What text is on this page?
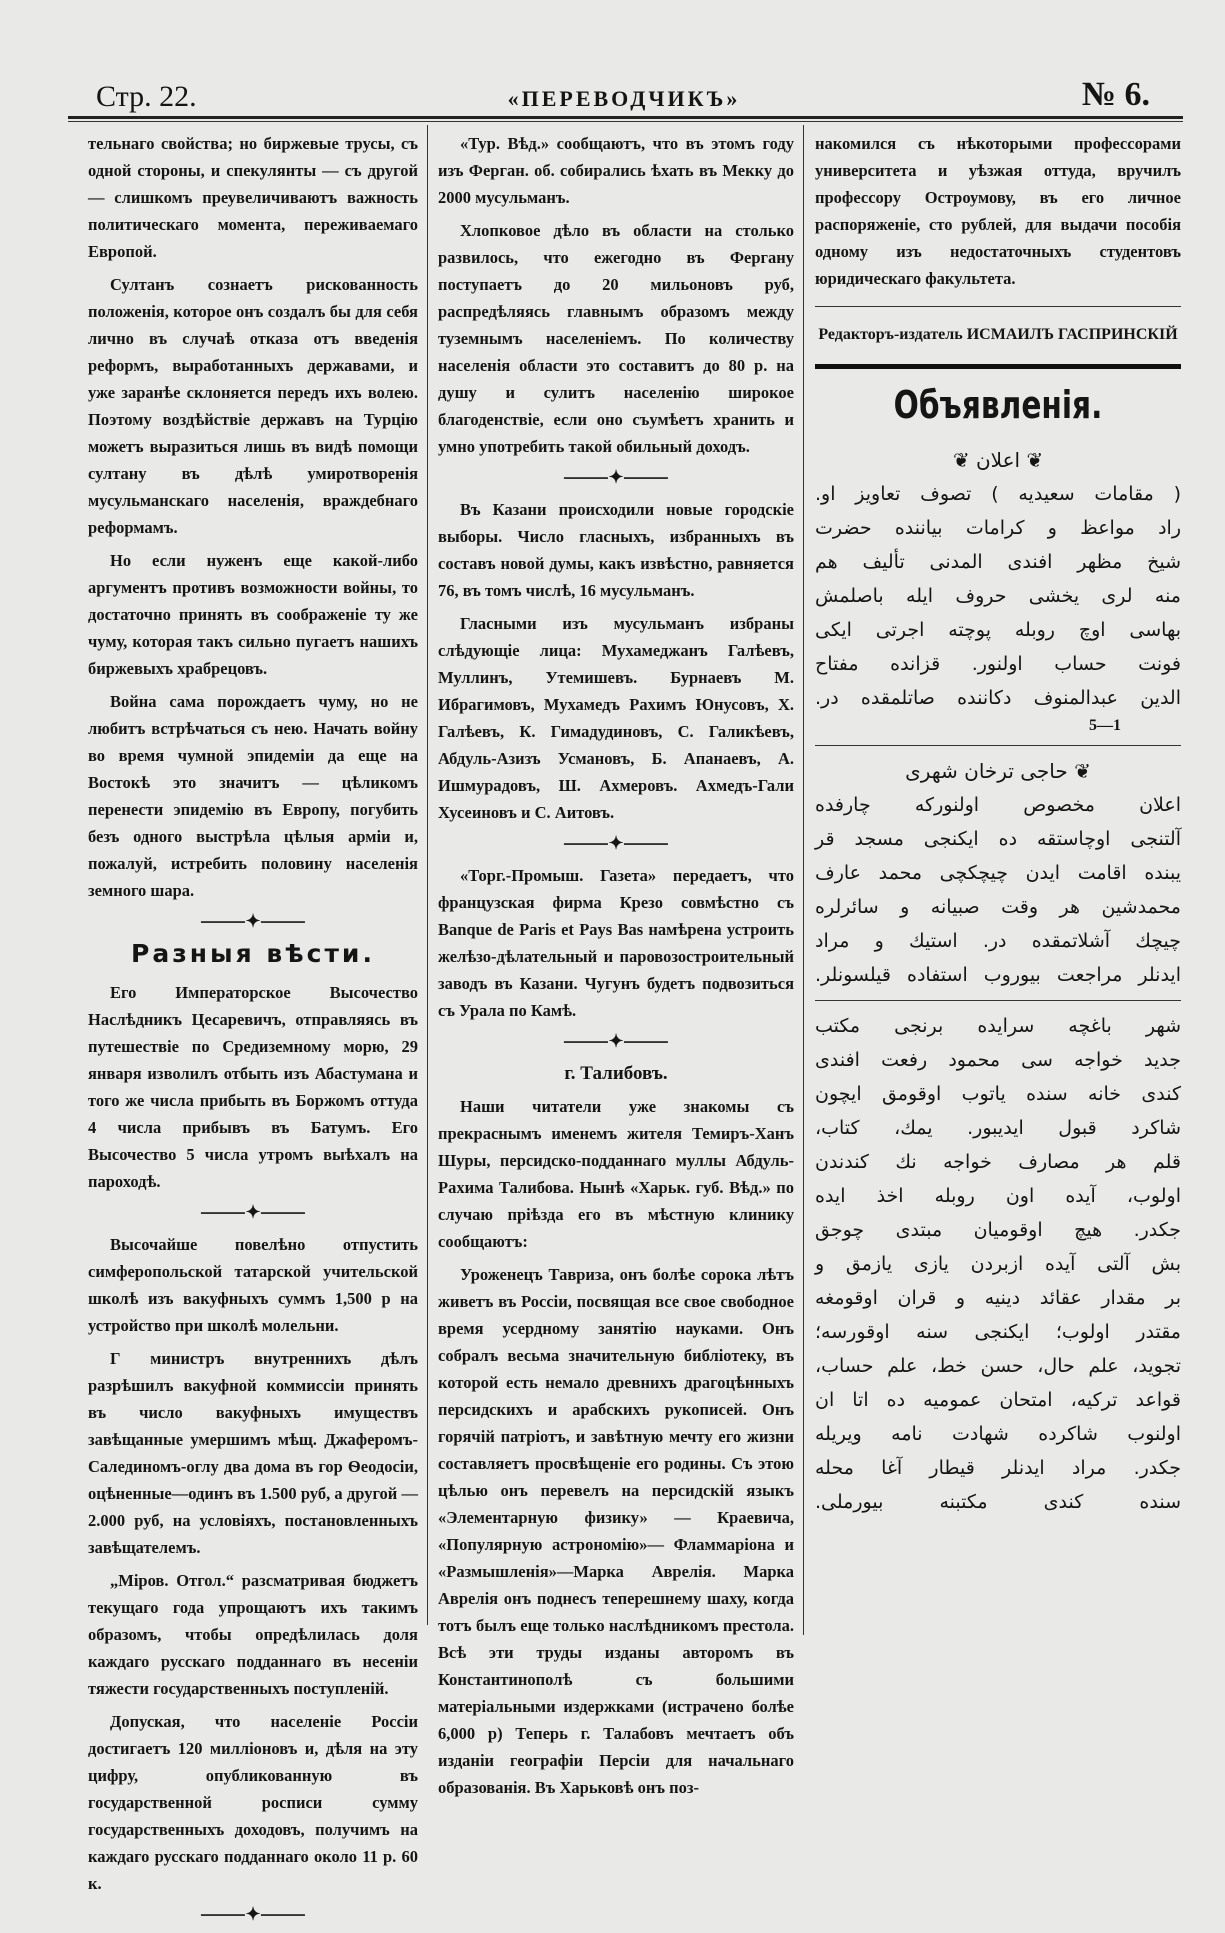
Стр. 22.	«ПЕРЕВОДЧИКЪ»	№ 6.

тельнаго свойства; но биржевые трусы, съ одной стороны, и спекулянты — съ другой — слишкомъ преувеличиваютъ важность политическаго момента, переживаемаго Европой.

Султанъ сознаетъ рискованность положенія, которое онъ создалъ бы для себя лично въ случаѣ отказа отъ введенія реформъ, выработанныхъ державами, и уже заранѣе склоняется передъ ихъ волею. Поэтому воздѣйствіе державъ на Турцію можетъ выразиться лишь въ видѣ помощи султану въ дѣлѣ умиротворенія мусульманскаго населенія, враждебнаго реформамъ.

Но если нуженъ еще какой-либо аргументъ противъ возможности войны, то достаточно принять въ соображеніе ту же чуму, которая такъ сильно пугаетъ нашихъ биржевыхъ храбрецовъ.

Война сама порождаетъ чуму, но не любитъ встрѣчаться съ нею. Начать войну во время чумной эпидеміи да еще на Востокѣ это значитъ — цѣликомъ перенести эпидемію въ Европу, погубить безъ одного выстрѣла цѣлыя арміи и, пожалуй, истребить половину населенія земного шара.

⸻✦⸻
Разныя вѣсти.

Его Императорское Высочество Наслѣдникъ Цесаревичъ, отправляясь въ путешествіе по Средиземному морю, 29 января изволилъ отбыть изъ Абастумана и того же числа прибыть въ Боржомъ оттуда 4 числа прибывъ въ Батумъ. Его Высочество 5 числа утромъ выѣхалъ на пароходѣ.

⸻✦⸻

Высочайше повелѣно отпустить симферопольской татарской учительской школѣ изъ вакуфныхъ суммъ 1,500 р на устройство при школѣ молельни.

Г министръ внутреннихъ дѣлъ разрѣшилъ вакуфной коммиссіи принять въ число вакуфныхъ имуществъ завѣщанные умершимъ мѣщ. Джаферомъ-Салединомъ-оглу два дома въ гор Ѳеодосіи, оцѣненные—одинъ въ 1.500 руб, а другой — 2.000 руб, на условіяхъ, постановленныхъ завѣщателемъ.

„Міров. Отгол.“ разсматривая бюджетъ текущаго года упрощаютъ ихъ такимъ образомъ, чтобы опредѣлилась доля каждаго русскаго подданнаго въ несеніи тяжести государственныхъ поступленій.

Допуская, что населеніе Россіи достигаетъ 120 милліоновъ и, дѣля на эту цифру, опубликованную въ государственной росписи сумму государственныхъ доходовъ, получимъ на каждаго русскаго подданнаго около 11 р. 60 к.

⸻✦⸻

«Тур. Вѣд.» сообщаютъ, что въ этомъ году изъ Ферган. об. собирались ѣхать въ Мекку до 2000 мусульманъ.

Хлопковое дѣло въ области на столько развилось, что ежегодно въ Фергану поступаетъ до 20 мильоновъ руб, распредѣляясь главнымъ образомъ между туземнымъ населеніемъ. По количеству населенія области это составитъ до 80 р. на душу и сулитъ населенію широкое благоденствіе, если оно съумѣетъ хранить и умно употребить такой обильный доходъ.

⸻✦⸻

Въ Казани происходили новые городскіе выборы. Число гласныхъ, избранныхъ въ составъ новой думы, какъ извѣстно, равняется 76, въ томъ числѣ, 16 мусульманъ.

Гласными изъ мусульманъ избраны слѣдующіе лица: Мухамеджанъ Галѣевъ, Муллинъ, Утемишевъ. Бурнаевъ М. Ибрагимовъ, Мухамедъ Рахимъ Юнусовъ, Х. Галѣевъ, К. Гимадудиновъ, С. Галикѣевъ, Абдуль-Азизъ Усмановъ, Б. Апанаевъ, А. Ишмурадовъ, Ш. Ахмеровъ. Ахмедъ-Гали Хусеиновъ и С. Аитовъ.

⸻✦⸻

«Торг.-Промыш. Газета» передаетъ, что французская фирма Крезо совмѣстно съ Banque de Paris et Pays Bas намѣрена устроить желѣзо-дѣлательный и паровозостроительный заводъ въ Казани. Чугунъ будетъ подвозиться съ Урала по Камѣ.

⸻✦⸻
г. Талибовъ.

Наши читатели уже знакомы съ прекраснымъ именемъ жителя Темиръ-Ханъ Шуры, персидско-подданнаго муллы Абдуль-Рахима Талибова. Нынѣ «Харьк. губ. Вѣд.» по случаю пріѣзда его въ мѣстную клинику сообщаютъ:

Уроженецъ Тавриза, онъ болѣе сорока лѣтъ живетъ въ Россіи, посвящая все свое свободное время усердному занятію науками. Онъ собралъ весьма значительную библіотеку, въ которой есть немало древнихъ драгоцѣнныхъ персидскихъ и арабскихъ рукописей. Онъ горячій патріотъ, и завѣтную мечту его жизни составляетъ просвѣщеніе его родины. Съ этою цѣлью онъ перевелъ на персидскій языкъ «Элементарную физику» — Краевича, «Популярную астрономію»— Фламмаріона и «Размышленія»—Марка Аврелія. Марка Аврелія онъ поднесъ теперешнему шаху, когда тотъ былъ еще только наслѣдникомъ престола. Всѣ эти труды изданы авторомъ въ Константинополѣ съ большими матеріальными издержками (истрачено болѣе 6,000 р) Теперь г. Талабовъ мечтаетъ объ изданіи географіи Персіи для начальнаго образованія. Въ Харьковѣ онъ поз-

накомился съ нѣкоторыми профессорами университета и уѣзжая оттуда, вручилъ профессору Остроумову, въ его личное распоряженіе, сто рублей, для выдачи пособія одному изъ недостаточныхъ студентовъ юридическаго факультета.

Редакторъ-издатель ИСМАИЛЪ ГАСПРИНСКІЙ
Объявленія.
❦ اعلان ❦
( مقامات سعيديه ) تصوف تعاويز او.
راد مواعظ و كرامات بياننده حضرت
شيخ مظهر افندى المدنى تأليف هم
منه لرى يخشى حروف ايله باصلمش
بهاسى اوچ روبله پوچته اجرتى ايكى
فونت حساب اولنور. قزانده مفتاح
الدين عبدالمنوف دكاننده صاتلمقده در.
5—1
❦ حاجى ترخان شهرى
اعلان مخصوص اولنوركه چارفده
آلتنجى اوچاستقه ده ايكنجى مسجد قر
يبنده اقامت ايدن چيچكچى محمد عارف
محمدشين هر وقت صبيانه و سائرلره
چيچك آشلاتمقده در. استيك و مراد
ايدنلر مراجعت بيوروب استفاده قيلسونلر.
شهر باغچه سرايده برنجى مكتب
جديد خواجه سى محمود رفعت افندى
كندى خانه سنده ياتوب اوقومق ايچون
شاكرد قبول ايديبور. يمك، كتاب،
قلم هر مصارف خواجه نك كندندن
اولوب، آيده اون روبله اخذ ايده
جكدر. هيچ اوقوميان مبتدى چوجق
بش آلتى آيده ازبردن يازى يازمق و
بر مقدار عقائد دينيه و قران اوقومغه
مقتدر اولوب؛ ايكنجى سنه اوقورسه؛
تجويد، علم حال، حسن خط، علم حساب،
قواعد تركيه، امتحان عموميه ده اتا ان
اولنوب شاكرده شهادت نامه ويريله
جكدر. مراد ايدنلر قيطار آغا محله
سنده كندى مكتبنه بيورملى.
